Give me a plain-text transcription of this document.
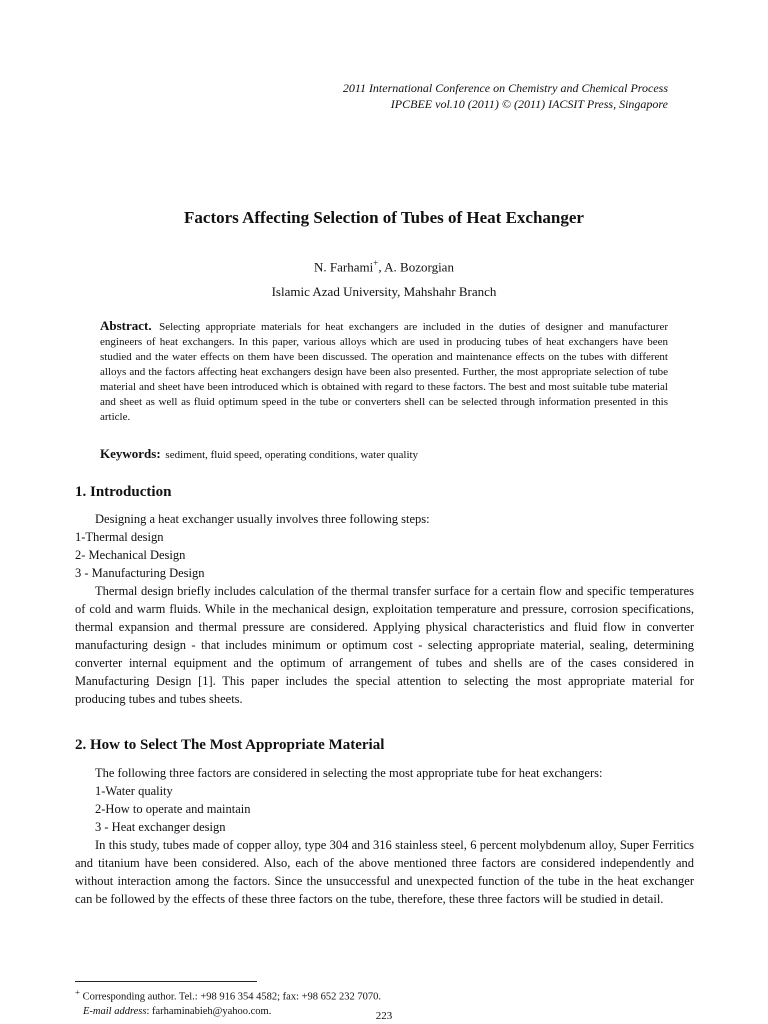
2011 International Conference on Chemistry and Chemical Process
IPCBEE vol.10 (2011) © (2011) IACSIT Press, Singapore
Factors Affecting Selection of Tubes of Heat Exchanger
N. Farhami+, A. Bozorgian
Islamic Azad University, Mahshahr Branch
Abstract. Selecting appropriate materials for heat exchangers are included in the duties of designer and manufacturer engineers of heat exchangers. In this paper, various alloys which are used in producing tubes of heat exchangers have been studied and the water effects on them have been discussed. The operation and maintenance effects on the tubes with different alloys and the factors affecting heat exchangers design have been also presented. Further, the most appropriate selection of tube material and sheet have been introduced which is obtained with regard to these factors. The best and most suitable tube material and sheet as well as fluid optimum speed in the tube or converters shell can be selected through information presented in this article.
Keywords: sediment, fluid speed, operating conditions, water quality
1. Introduction

Designing a heat exchanger usually involves three following steps:

1-Thermal design

2- Mechanical Design

3 - Manufacturing Design

Thermal design briefly includes calculation of the thermal transfer surface for a certain flow and specific temperatures of cold and warm fluids. While in the mechanical design, exploitation temperature and pressure, corrosion specifications, thermal expansion and thermal pressure are considered. Applying physical characteristics and fluid flow in converter manufacturing design - that includes minimum or optimum cost - selecting appropriate material, sealing, determining converter internal equipment and the optimum of arrangement of tubes and shells are of the cases considered in Manufacturing Design [1]. This paper includes the special attention to selecting the most appropriate material for producing tubes and tubes sheets.

2. How to Select The Most Appropriate Material

The following three factors are considered in selecting the most appropriate tube for heat exchangers:

1-Water quality

2-How to operate and maintain

3 - Heat exchanger design

In this study, tubes made of copper alloy, type 304 and 316 stainless steel, 6 percent molybdenum alloy, Super Ferritics and titanium have been considered. Also, each of the above mentioned three factors are considered independently and without interaction among the factors. Since the unsuccessful and unexpected function of the tube in the heat exchanger can be followed by the effects of these three factors on the tube, therefore, these three factors will be studied in detail.

+ Corresponding author. Tel.: +98 916 354 4582; fax: +98 652 232 7070.
E-mail address: farhaminabieh@yahoo.com.	223
